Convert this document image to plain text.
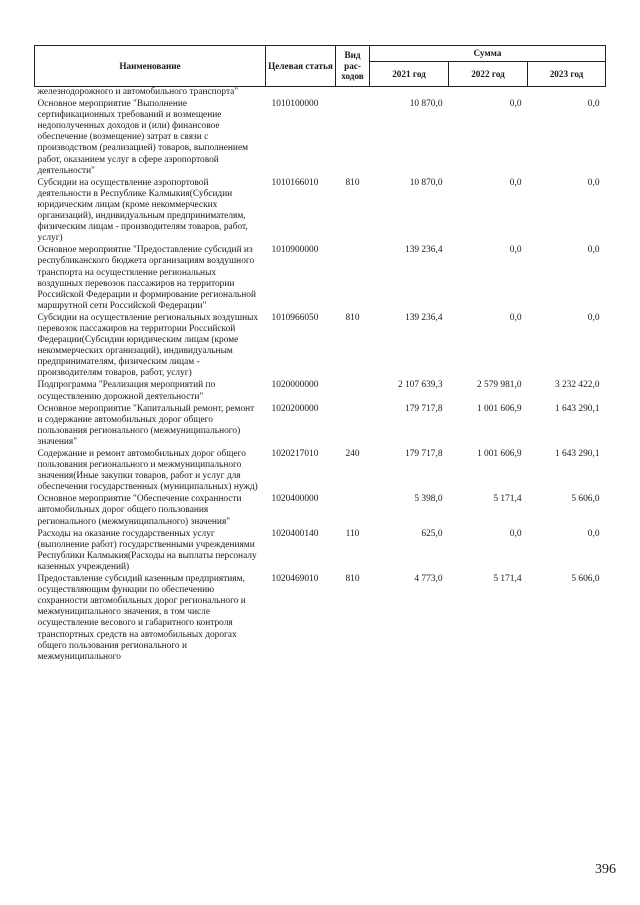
Наименование	Целевая статья	Вид рас-ходов	Сумма		
			2021 год	2022 год	2023 год
железнодорожного и автомобильного транспорта"					
Основное мероприятие "Выполнение сертификационных требований и возмещение недополученных доходов и (или) финансовое обеспечение (возмещение) затрат в связи с производством (реализацией) товаров, выполнением работ, оказанием услуг в сфере аэропортовой деятельности"	1010100000		10 870,0	0,0	0,0
Субсидии на осуществление аэропортовой деятельности в Республике Калмыкия(Субсидии юридическим лицам (кроме некоммерческих организаций), индивидуальным предпринимателям, физическим лицам - производителям товаров, работ, услуг)	1010166010	810	10 870,0	0,0	0,0
Основное мероприятие "Предоставление субсидий из республиканского бюджета организациям воздушного транспорта на осуществление региональных воздушных перевозок пассажиров на территории Российской Федерации и формирование региональной маршрутной сети Российской Федерации"	1010900000		139 236,4	0,0	0,0
Субсидии на осуществление региональных воздушных перевозок пассажиров на территории Российской Федерации(Субсидии юридическим лицам (кроме некоммерческих организаций), индивидуальным предпринимателям, физическим лицам - производителям товаров, работ, услуг)	1010966050	810	139 236,4	0,0	0,0
Подпрограмма "Реализация мероприятий по осуществлению дорожной деятельности"	1020000000		2 107 639,3	2 579 981,0	3 232 422,0
Основное мероприятие "Капитальный ремонт, ремонт и содержание автомобильных дорог общего пользования регионального (межмуниципального) значения"	1020200000		179 717,8	1 001 606,9	1 643 290,1
Содержание и ремонт автомобильных дорог общего пользования регионального и межмуниципального значения(Иные закупки товаров, работ и услуг для обеспечения государственных (муниципальных) нужд)	1020217010	240	179 717,8	1 001 606,9	1 643 290,1
Основное мероприятие "Обеспечение сохранности автомобильных дорог общего пользования регионального (межмуниципального) значения"	1020400000		5 398,0	5 171,4	5 606,0
Расходы на оказание государственных услуг (выполнение работ) государственными учреждениями Республики Калмыкия(Расходы на выплаты персоналу казенных учреждений)	1020400140	110	625,0	0,0	0,0
Предоставление субсидий казенным предприятиям, осуществляющим функции по обеспечению сохранности автомобильных дорог регионального и межмуниципального значения, в том числе осуществление весового и габаритного контроля транспортных средств на автомобильных дорогах общего пользования регионального и межмуниципального	1020469010	810	4 773,0	5 171,4	5 606,0
396
